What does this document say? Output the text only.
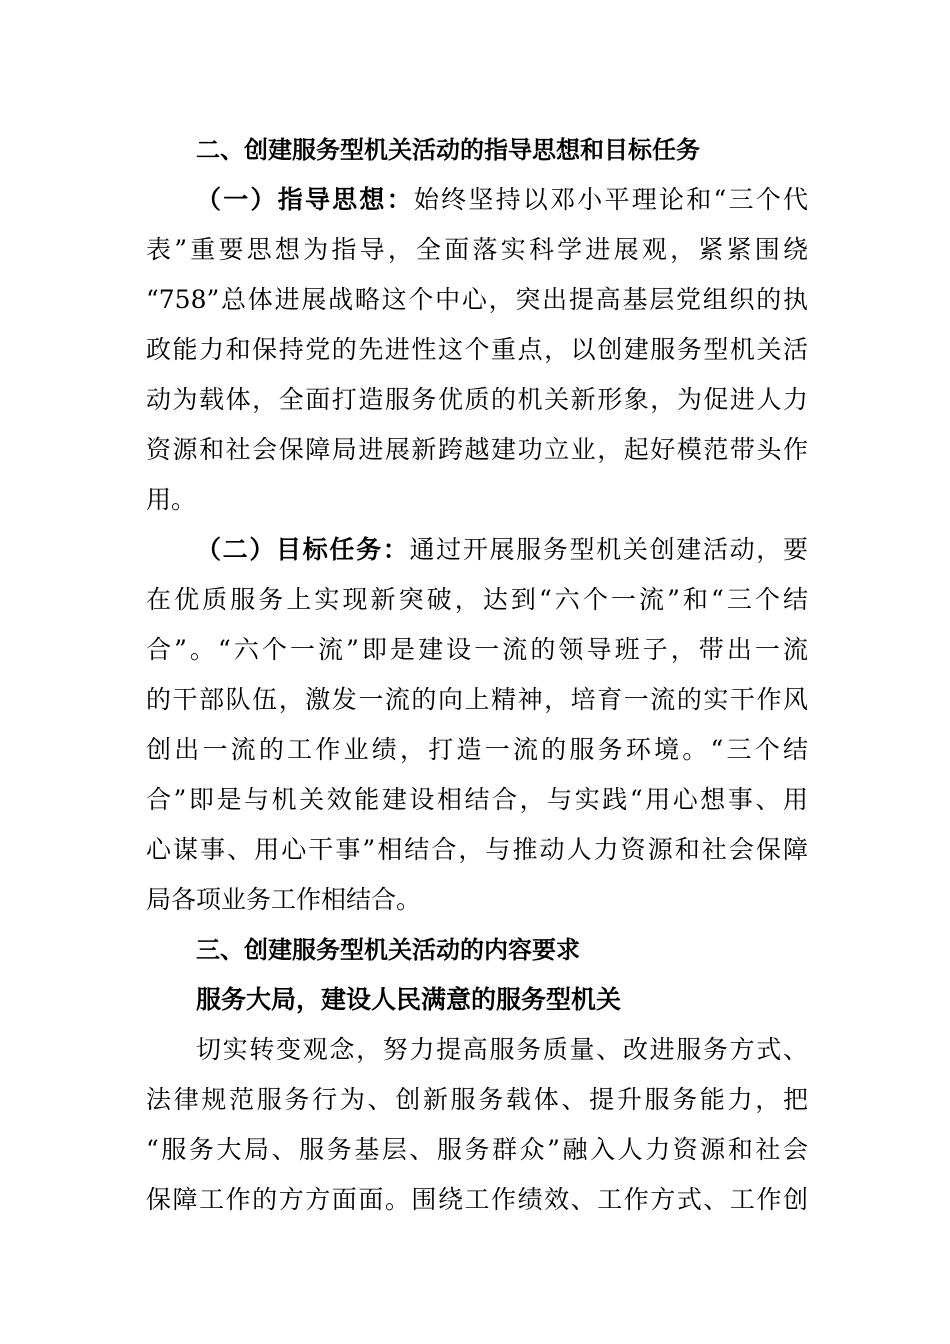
二、创建服务型机关活动的指导思想和目标任务
（一）指导思想：始终坚持以邓小平理论和“三个代
表”重要思想为指导，全面落实科学进展观，紧紧围绕
“758”总体进展战略这个中心，突出提高基层党组织的执
政能力和保持党的先进性这个重点，以创建服务型机关活
动为载体，全面打造服务优质的机关新形象，为促进人力
资源和社会保障局进展新跨越建功立业，起好模范带头作
用。
（二）目标任务：通过开展服务型机关创建活动，要
在优质服务上实现新突破，达到“六个一流”和“三个结
合”。“六个一流”即是建设一流的领导班子，带出一流
的干部队伍，激发一流的向上精神，培育一流的实干作风
创出一流的工作业绩，打造一流的服务环境。“三个结
合”即是与机关效能建设相结合，与实践“用心想事、用
心谋事、用心干事”相结合，与推动人力资源和社会保障
局各项业务工作相结合。
三、创建服务型机关活动的内容要求
服务大局，建设人民满意的服务型机关
切实转变观念，努力提高服务质量、改进服务方式、
法律规范服务行为、创新服务载体、提升服务能力，把
“服务大局、服务基层、服务群众”融入人力资源和社会
保障工作的方方面面。围绕工作绩效、工作方式、工作创
